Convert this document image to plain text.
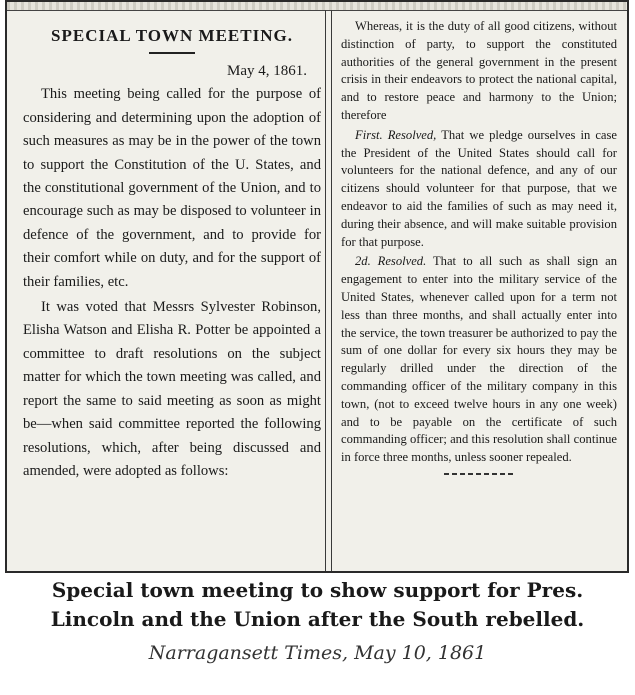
SPECIAL TOWN MEETING.

May 4, 1861.

This meeting being called for the purpose of considering and determining upon the adoption of such measures as may be in the power of the town to support the Constitution of the U. States, and the constitutional government of the Union, and to encourage such as may be disposed to volunteer in defence of the government, and to provide for their comfort while on duty, and for the support of their families, etc.

It was voted that Messrs Sylvester Robinson, Elisha Watson and Elisha R. Potter be appointed a committee to draft resolutions on the subject matter for which the town meeting was called, and report the same to said meeting as soon as might be—when said committee reported the following resolutions, which, after being discussed and amended, were adopted as follows:

Whereas, it is the duty of all good citizens, without distinction of party, to support the constituted authorities of the general government in the present crisis in their endeavors to protect the national capital, and to restore peace and harmony to the Union; therefore

First. Resolved, That we pledge ourselves in case the President of the United States should call for volunteers for the national defence, and any of our citizens should volunteer for that purpose, that we endeavor to aid the families of such as may need it, during their absence, and will make suitable provision for that purpose.

2d. Resolved. That to all such as shall sign an engagement to enter into the military service of the United States, whenever called upon for a term not less than three months, and shall actually enter into the service, the town treasurer be authorized to pay the sum of one dollar for every six hours they may be regularly drilled under the direction of the commanding officer of the military company in this town, (not to exceed twelve hours in any one week) and to be payable on the certificate of such commanding officer; and this resolution shall continue in force three months, unless sooner repealed.

Special town meeting to show support for Pres. Lincoln and the Union after the South rebelled.

Narragansett Times, May 10, 1861
